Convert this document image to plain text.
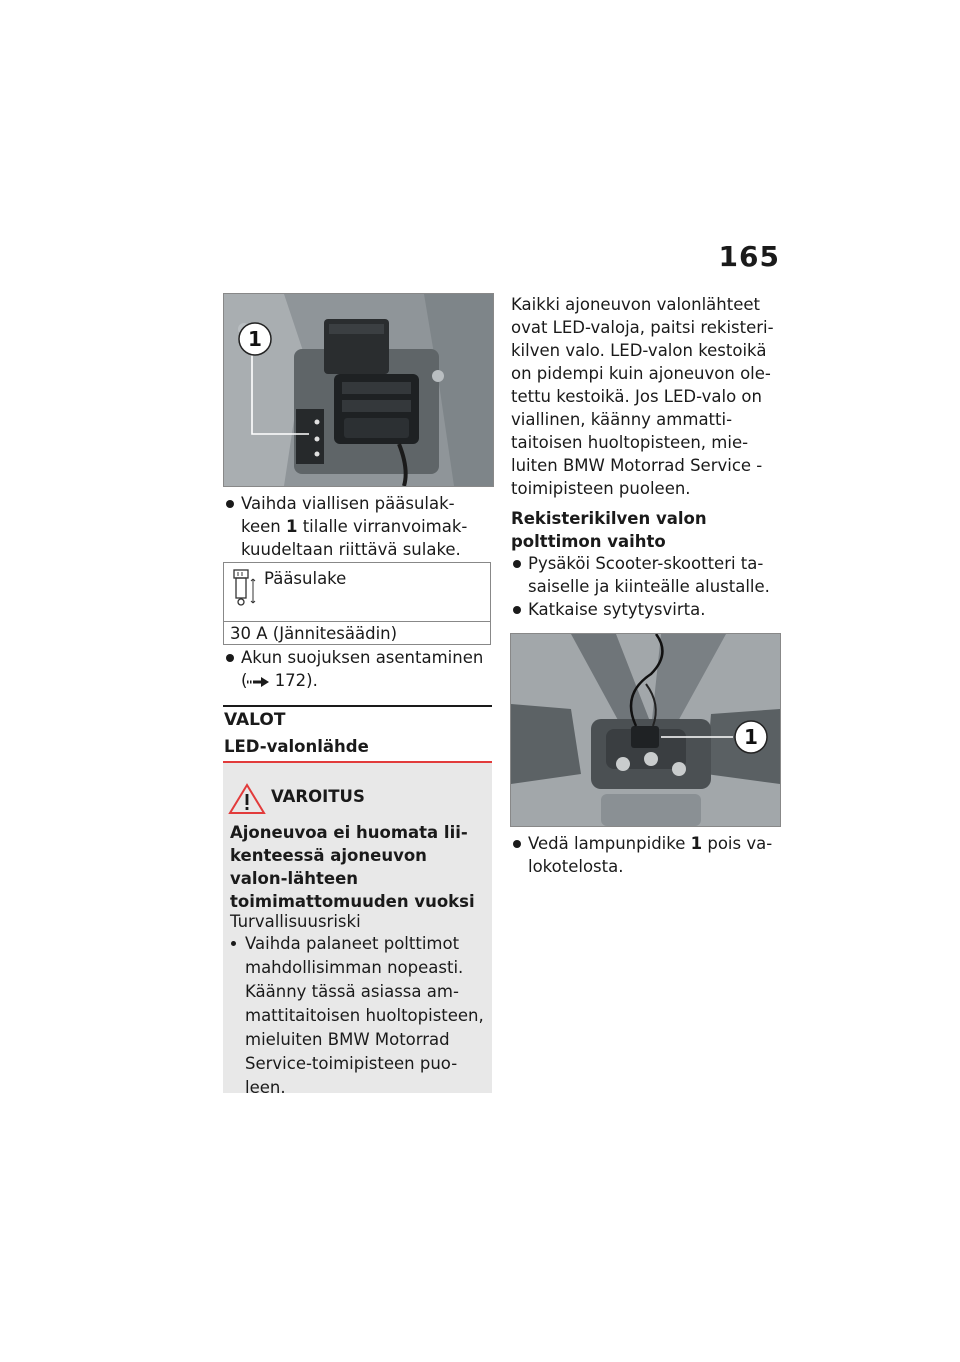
165
1
Vaihda viallisen pääsulak-keen 1 tilalle virranvoimak-kuudeltaan riittävä sulake.
Pääsulake
30 A (Jännitesäädin)
Akun suojuksen asentaminen
( 172).
VALOT
LED-valonlähde
VAROITUS
Ajoneuvoa ei huomata lii-kenteessä ajoneuvon valon-lähteen toimimattomuuden vuoksi
Turvallisuusriski
Vaihda palaneet polttimot mahdollisimman nopeasti. Käänny tässä asiassa am-mattitaitoisen huoltopisteen, mieluiten BMW Motorrad Service-toimipisteen puo-leen.
Kaikki ajoneuvon valonlähteet ovat LED-valoja, paitsi rekisteri-kilven valo. LED-valon kestoikä on pidempi kuin ajoneuvon ole-tettu kestoikä. Jos LED-valo on viallinen, käänny ammatti-taitoisen huoltopisteen, mie-luiten BMW Motorrad Service -toimipisteen puoleen.
Rekisterikilven valon polttimon vaihto
Pysäköi Scooter-skootteri ta-saiselle ja kiinteälle alustalle.
Katkaise sytytysvirta.
1
Vedä lampunpidike 1 pois va-lokotelosta.
